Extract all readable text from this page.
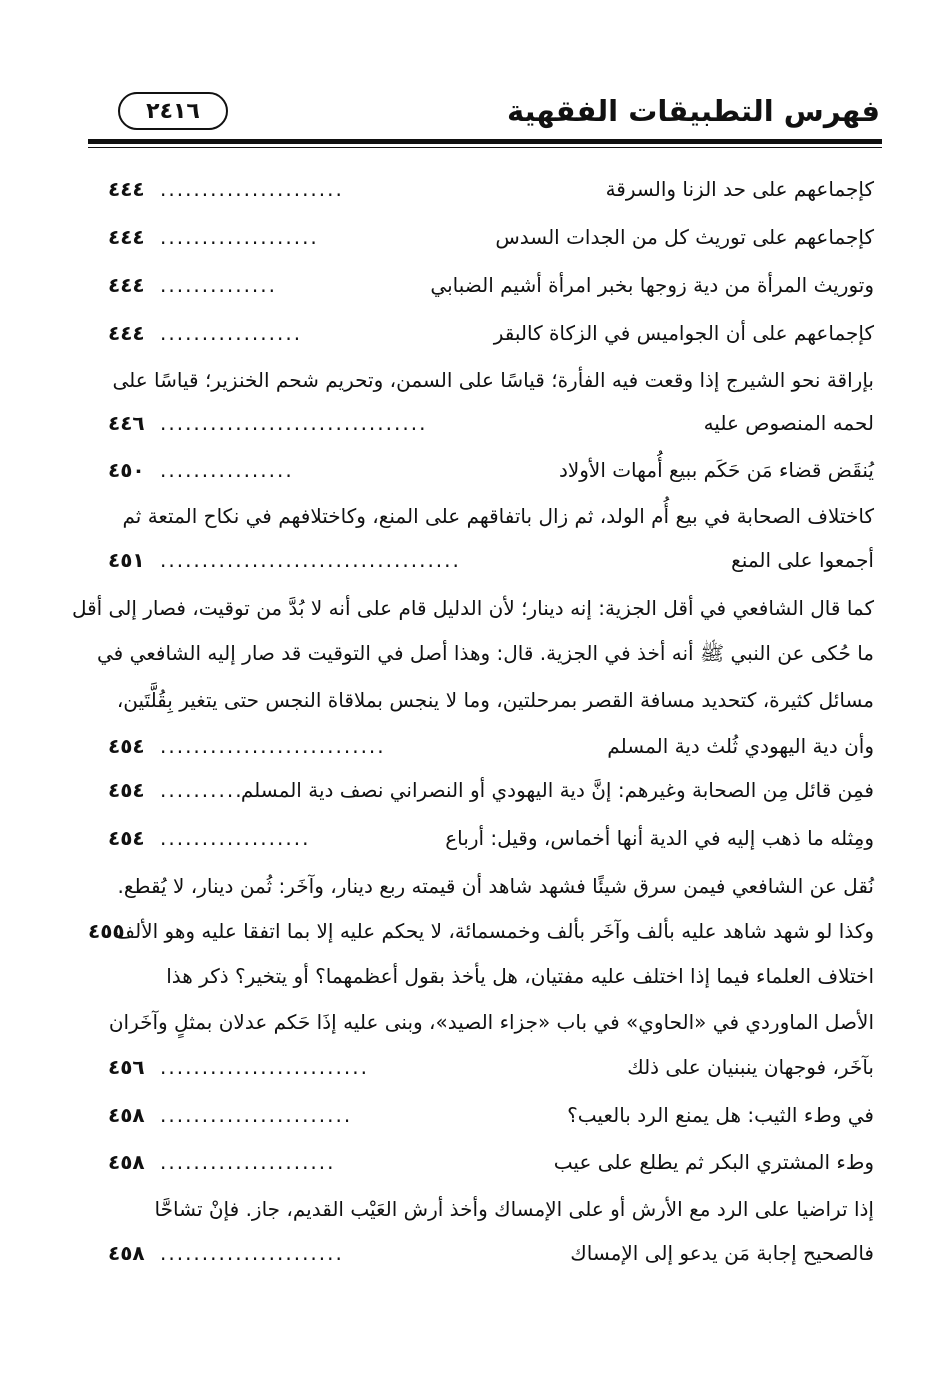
فهرس التطبيقات الفقهية
٢٤١٦
كإجماعهم على حد الزنا والسرقة
......................
٤٤٤
كإجماعهم على توريث كل من الجدات السدس
...................
٤٤٤
وتوريث المرأة من دية زوجها بخبر امرأة أشيم الضبابي
..............
٤٤٤
كإجماعهم على أن الجواميس في الزكاة كالبقر
.................
٤٤٤
بإراقة نحو الشيرج إذا وقعت فيه الفأرة؛ قياسًا على السمن، وتحريم شحم الخنزير؛ قياسًا على
لحمه المنصوص عليه
................................
٤٤٦
يُنقَض قضاء مَن حَكَم ببيع أُمهات الأولاد
................
٤٥٠
كاختلاف الصحابة في بيع أُم الولد، ثم زال باتفاقهم على المنع، وكاختلافهم في نكاح المتعة ثم
أجمعوا على المنع
....................................
٤٥١
كما قال الشافعي في أقل الجزية: إنه دينار؛ لأن الدليل قام على أنه لا بُدَّ من توقيت، فصار إلى أقل
ما حُكى عن النبي ﷺ أنه أخذ في الجزية. قال: وهذا أصل في التوقيت قد صار إليه الشافعي في
مسائل كثيرة، كتحديد مسافة القصر بمرحلتين، وما لا ينجس بملاقاة النجس حتى يتغير بِقُلَّتَين،
وأن دية اليهودي ثُلث دية المسلم
...........................
٤٥٤
فمِن قائل مِن الصحابة وغيرهم: إنَّ دية اليهودي أو النصراني نصف دية المسلم
..........
٤٥٤
ومِثله ما ذهب إليه في الدية أنها أخماس، وقيل: أرباع
..................
٤٥٤
نُقل عن الشافعي فيمن سرق شيئًا فشهد شاهد أن قيمته ربع دينار، وآخَر: ثُمن دينار، لا يُقطع.
وكذا لو شهد شاهد عليه بألف وآخَر بألف وخمسمائة، لا يحكم عليه إلا بما اتفقا عليه وهو الألف
٤٥٥
اختلاف العلماء فيما إذا اختلف عليه مفتيان، هل يأخذ بقول أعظمهما؟ أو يتخير؟ ذكر هذا
الأصل الماوردي في «الحاوي» في باب «جزاء الصيد»، وبنى عليه إذَا حَكم عدلان بمثلٍ وآخَران
بآخَر، فوجهان ينبنيان على ذلك
.........................
٤٥٦
في وطء الثيب: هل يمنع الرد بالعيب؟
.......................
٤٥٨
وطء المشتري البكر ثم يطلع على عيب
.....................
٤٥٨
إذا تراضيا على الرد مع الأرش أو على الإمساك وأخذ أرش العَيْب القديم، جاز. فإنْ تشاحَّا
فالصحيح إجابة مَن يدعو إلى الإمساك
......................
٤٥٨
